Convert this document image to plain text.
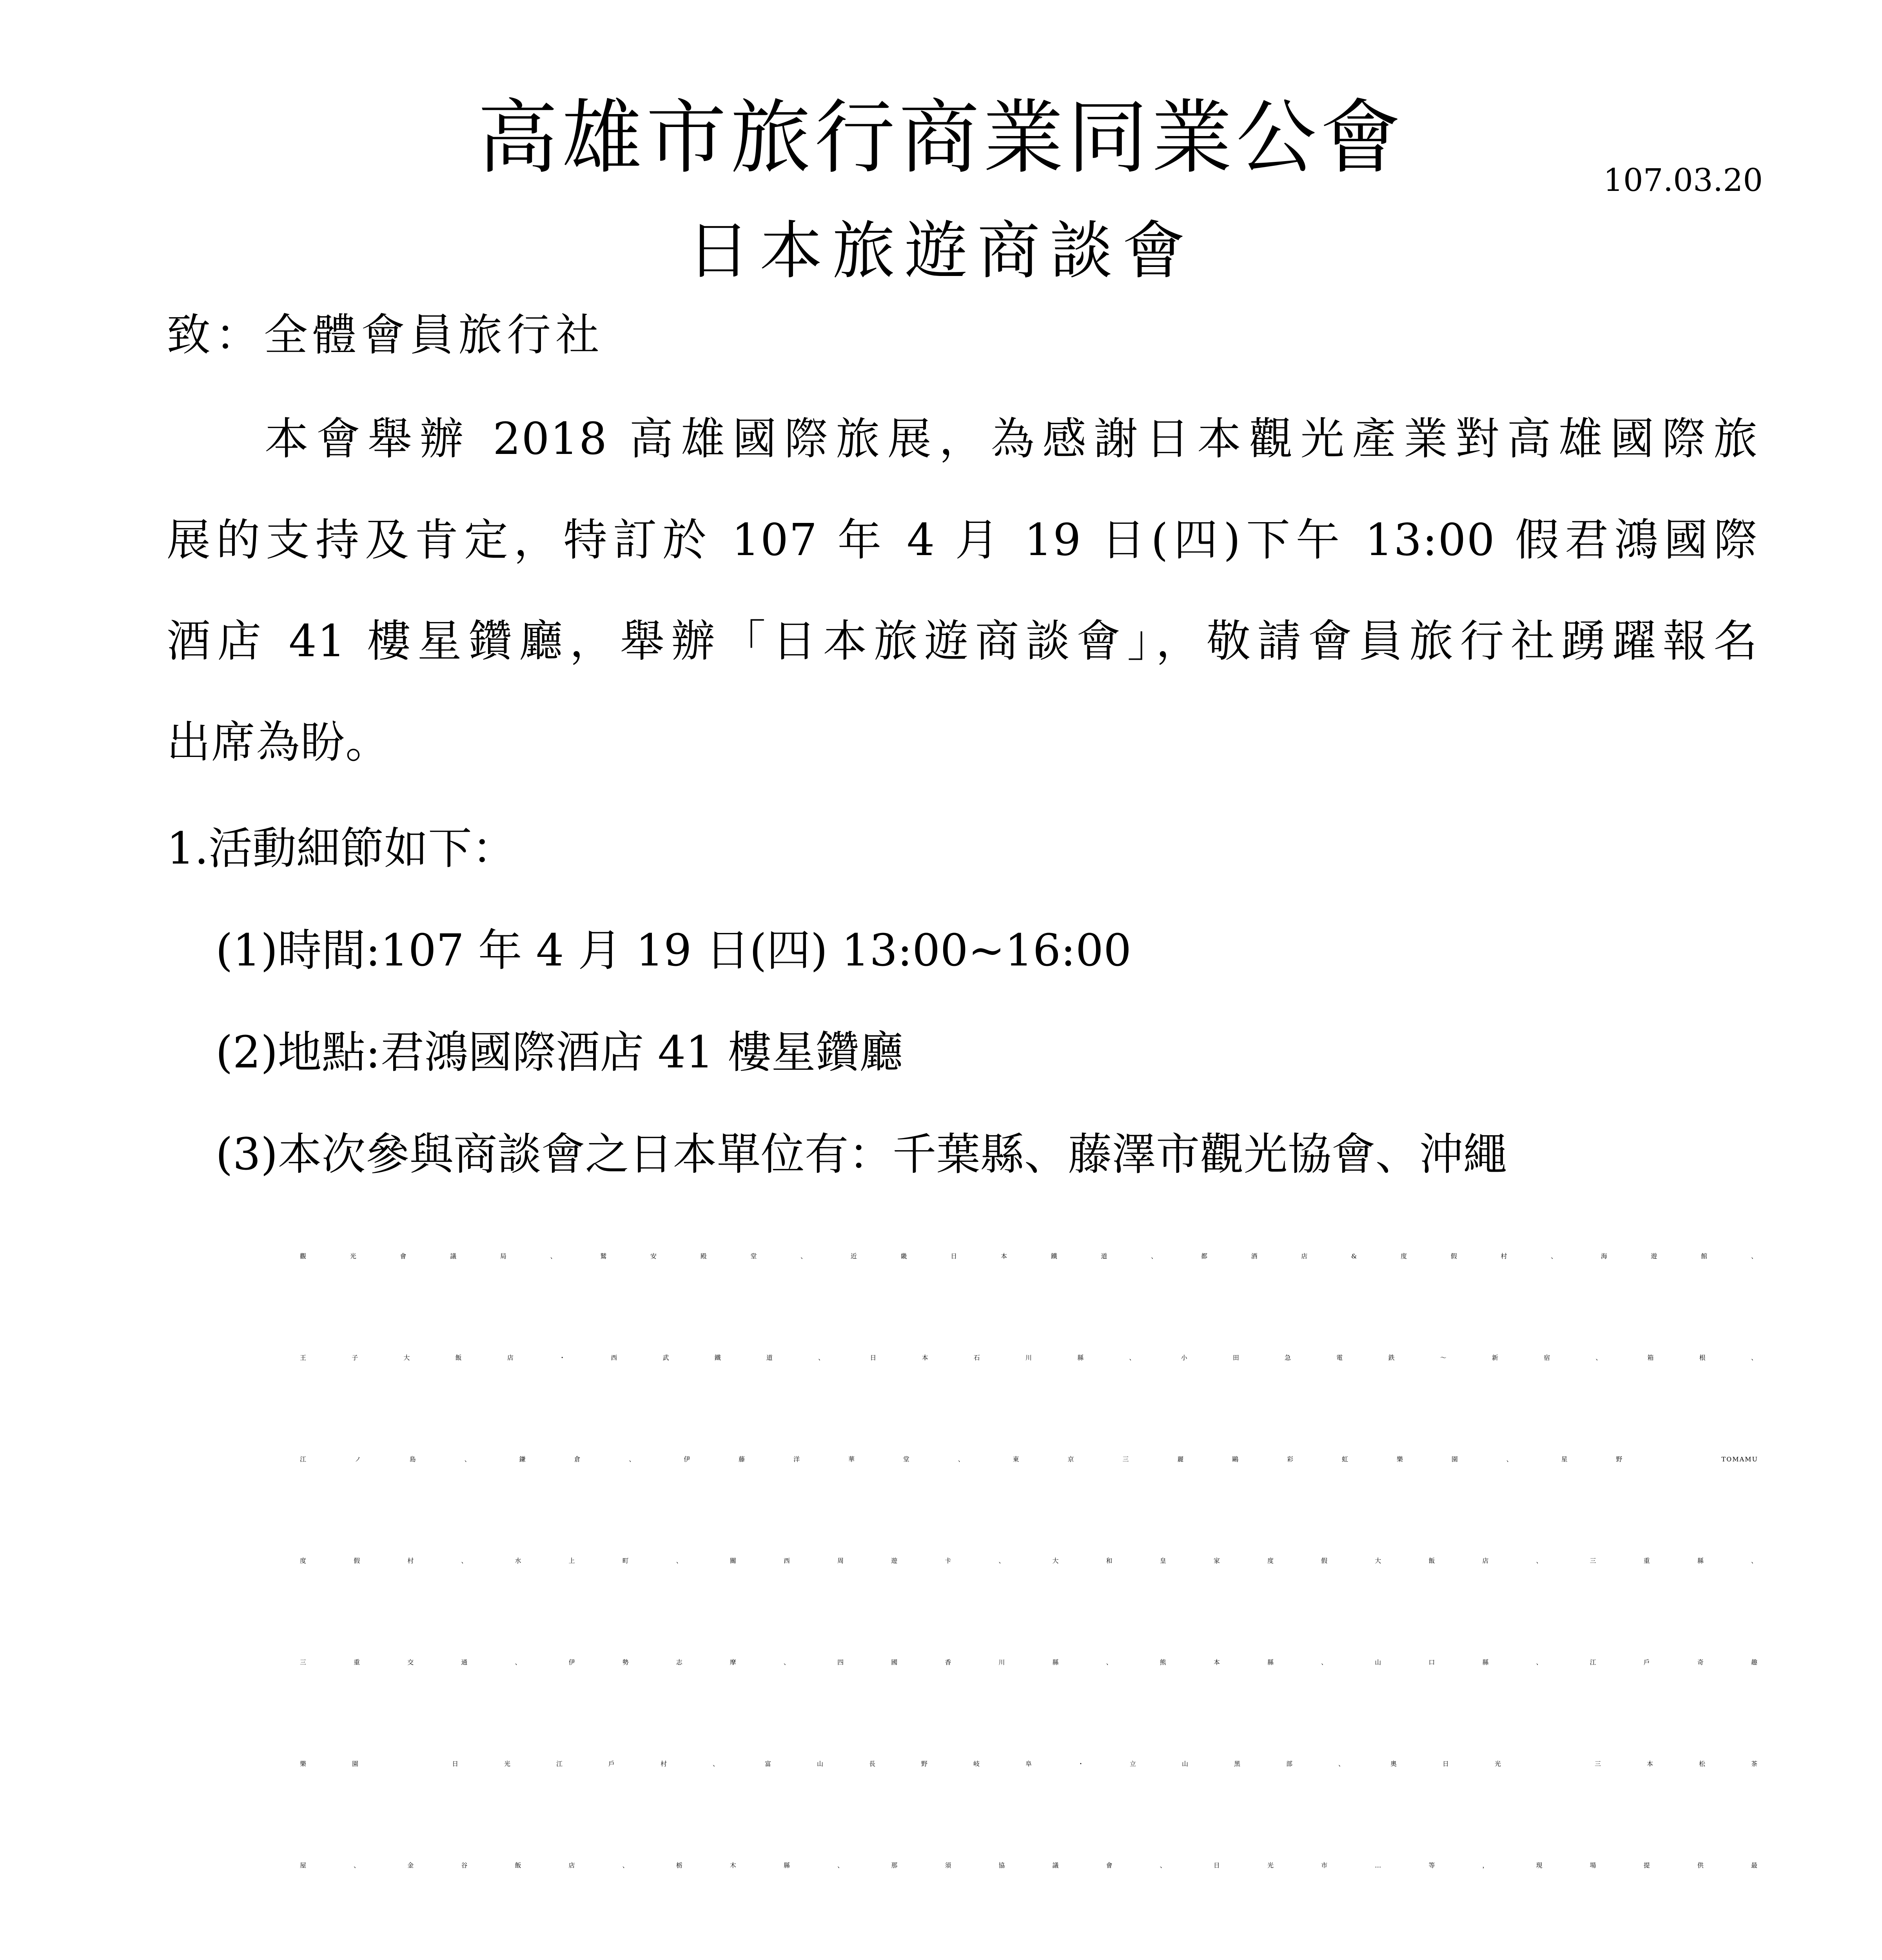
高雄市旅行商業同業公會	107.03.20
日本旅遊商談會
致：全體會員旅行社
本會舉辦 2018 高雄國際旅展，為感謝日本觀光產業對高雄國際旅
展的支持及肯定，特訂於 107 年 4 月 19 日(四)下午 13:00 假君鴻國際
酒店 41 樓星鑽廳，舉辦「日本旅遊商談會」，敬請會員旅行社踴躍報名
出席為盼。
1.活動細節如下：
(1)時間:107 年 4 月 19 日(四) 13:00~16:00
(2)地點:君鴻國際酒店 41 樓星鑽廳
(3)本次參與商談會之日本單位有：千葉縣、藤澤市觀光協會、沖繩
觀光會議局、鷲安殿堂、近畿日本鐵道、都酒店&度假村、海遊館、
王子大飯店・西武鐵道、日本石川縣、小田急電鉄～新宿、箱根、
江ノ島、鎌倉、伊藤洋華堂、東京三麗鷗彩虹樂園、星野 TOMAMU
度假村、水上町、關西周遊卡、大和皇家度假大飯店、三重縣、
三重交通、伊勢志摩、四國香川縣、熊本縣、山口縣、江戶奇趣
樂園 日光江戶村、富山長野岐阜・立山黑部、奧日光 三本松茶
屋、金谷飯店、栃木縣、那須協議會、日光市…等，現場提供最
